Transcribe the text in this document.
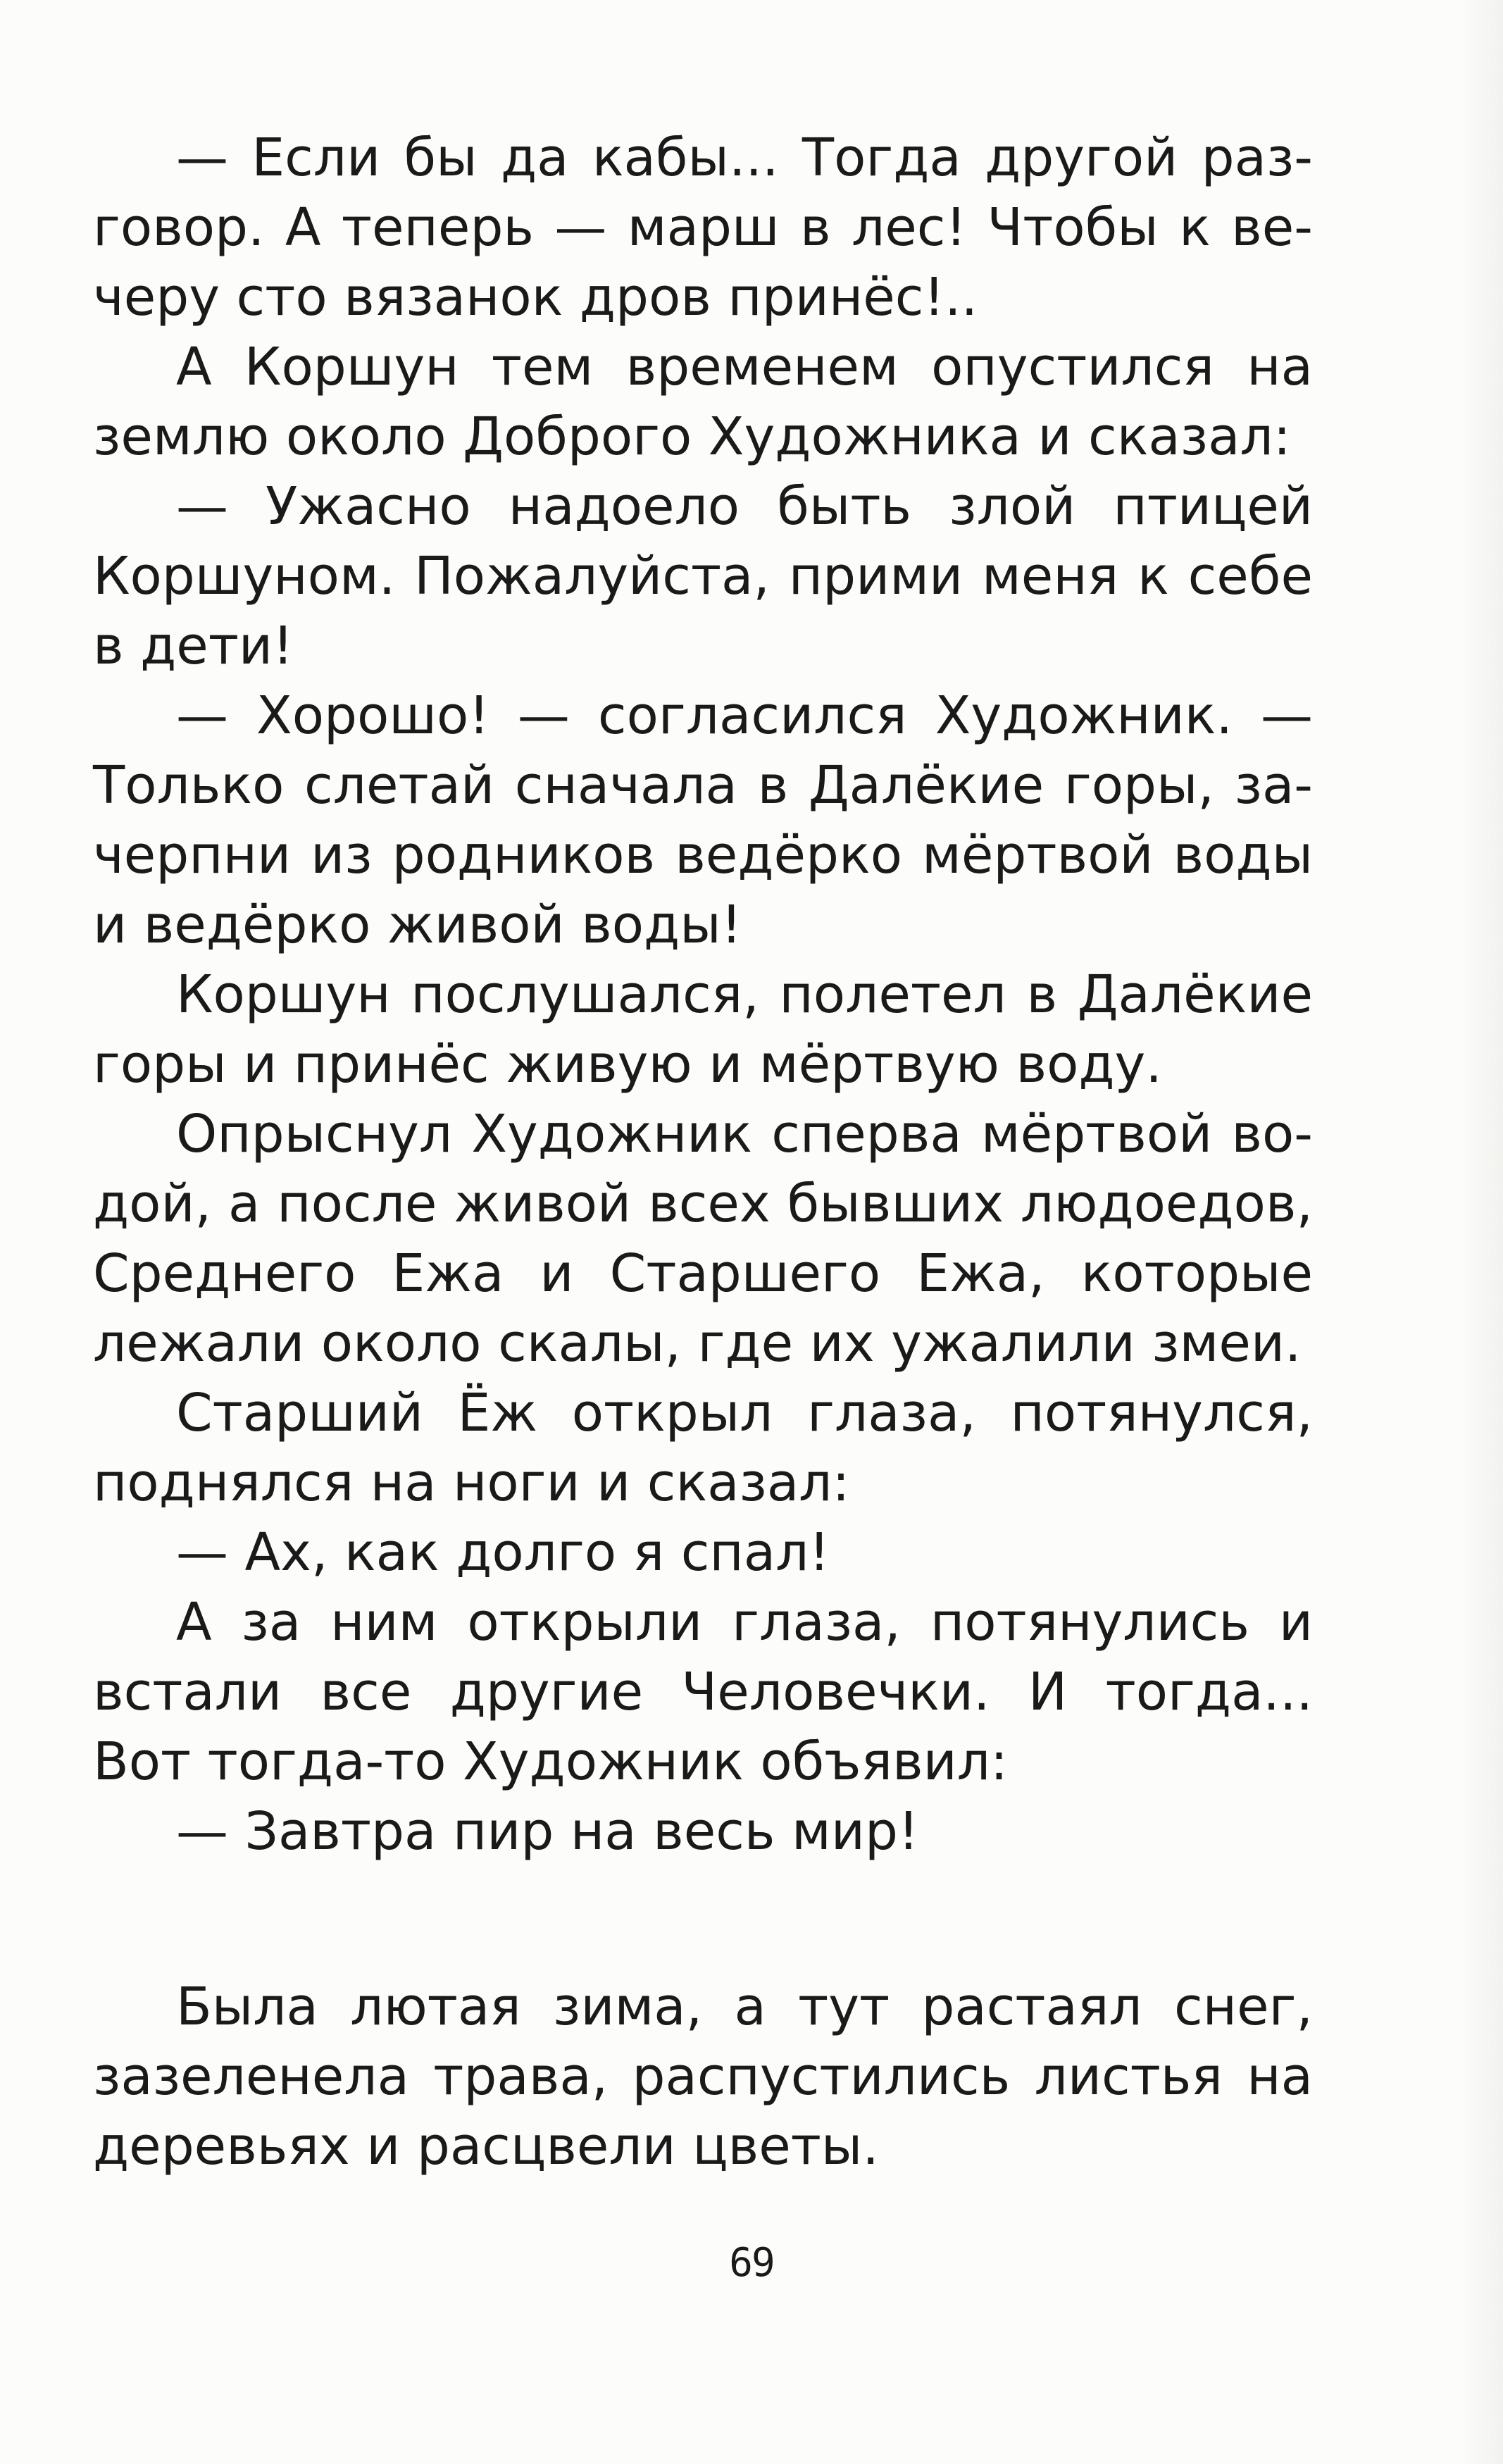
— Если бы да кабы... Тогда другой разговор. А теперь — марш в лес! Чтобы к вечеру сто вязанок дров принёс!..

А Коршун тем временем опустился на землю около Доброго Художника и сказал:

— Ужасно надоело быть злой птицей Коршуном. Пожалуйста, прими меня к себе в дети!

— Хорошо! — согласился Художник. — Только слетай сначала в Далёкие горы, зачерпни из родников ведёрко мёртвой воды и ведёрко живой воды!

Коршун послушался, полетел в Далёкие горы и принёс живую и мёртвую воду.

Опрыснул Художник сперва мёртвой водой, а после живой всех бывших людоедов, Среднего Ежа и Старшего Ежа, которые лежали около скалы, где их ужалили змеи.

Старший Ёж открыл глаза, потянулся, поднялся на ноги и сказал:

— Ах, как долго я спал!

А за ним открыли глаза, потянулись и встали все другие Человечки. И тогда... Вот тогда-то Художник объявил:

— Завтра пир на весь мир!

Была лютая зима, а тут растаял снег, зазеленела трава, распустились листья на деревьях и расцвели цветы.

69
